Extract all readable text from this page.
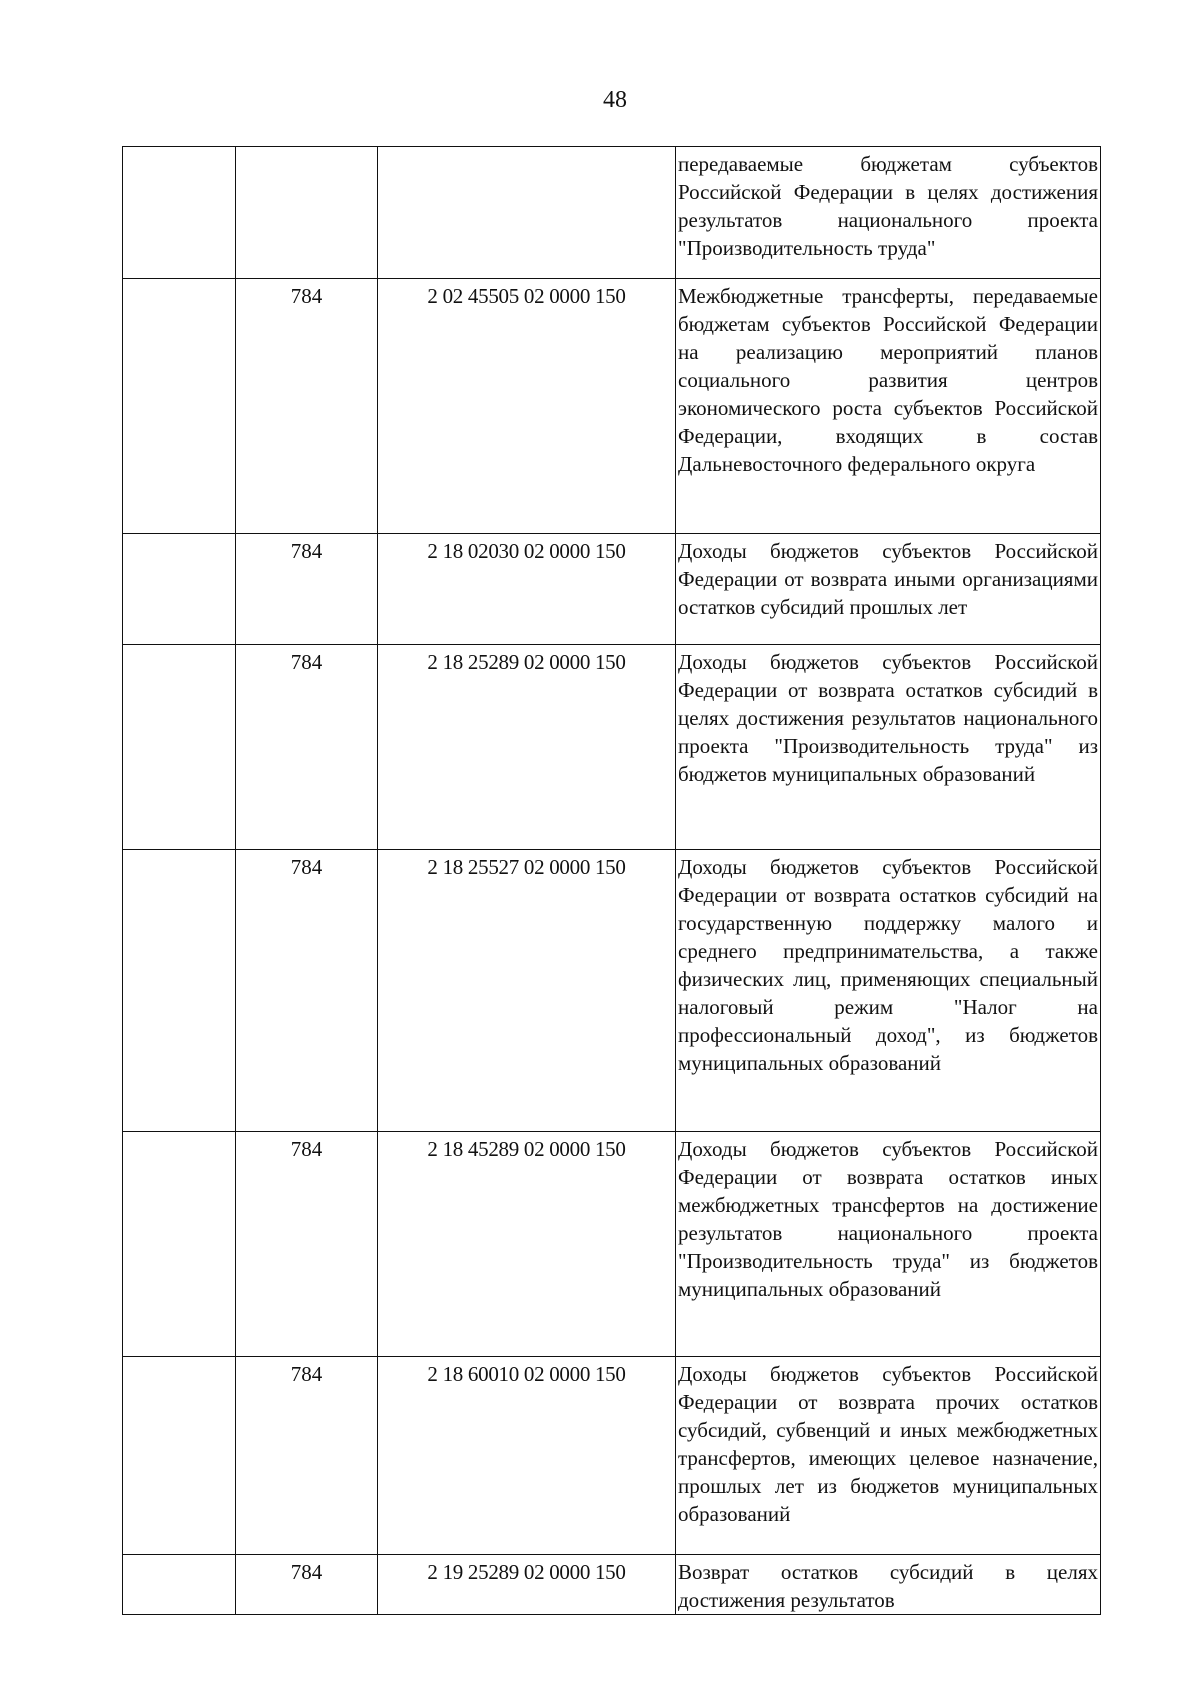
48

			передаваемые бюджетам субъектов Российской Федерации в целях достижения результатов национального проекта "Производительность труда"

	784	2 02 45505 02 0000 150	Межбюджетные трансферты, передаваемые бюджетам субъектов Российской Федерации на реализацию мероприятий планов социального развития центров экономического роста субъектов Российской Федерации, входящих в состав Дальневосточного федерального округа

	784	2 18 02030 02 0000 150	Доходы бюджетов субъектов Российской Федерации от возврата иными организациями остатков субсидий прошлых лет

	784	2 18 25289 02 0000 150	Доходы бюджетов субъектов Российской Федерации от возврата остатков субсидий в целях достижения результатов национального проекта "Производительность труда" из бюджетов муниципальных образований

	784	2 18 25527 02 0000 150	Доходы бюджетов субъектов Российской Федерации от возврата остатков субсидий на государственную поддержку малого и среднего предпринимательства, а также физических лиц, применяющих специальный налоговый режим "Налог на профессиональный доход", из бюджетов муниципальных образований

	784	2 18 45289 02 0000 150	Доходы бюджетов субъектов Российской Федерации от возврата остатков иных межбюджетных трансфертов на достижение результатов национального проекта "Производительность труда" из бюджетов муниципальных образований

	784	2 18 60010 02 0000 150	Доходы бюджетов субъектов Российской Федерации от возврата прочих остатков субсидий, субвенций и иных межбюджетных трансфертов, имеющих целевое назначение, прошлых лет из бюджетов муниципальных образований

	784	2 19 25289 02 0000 150	Возврат остатков субсидий в целях достижения результатов
